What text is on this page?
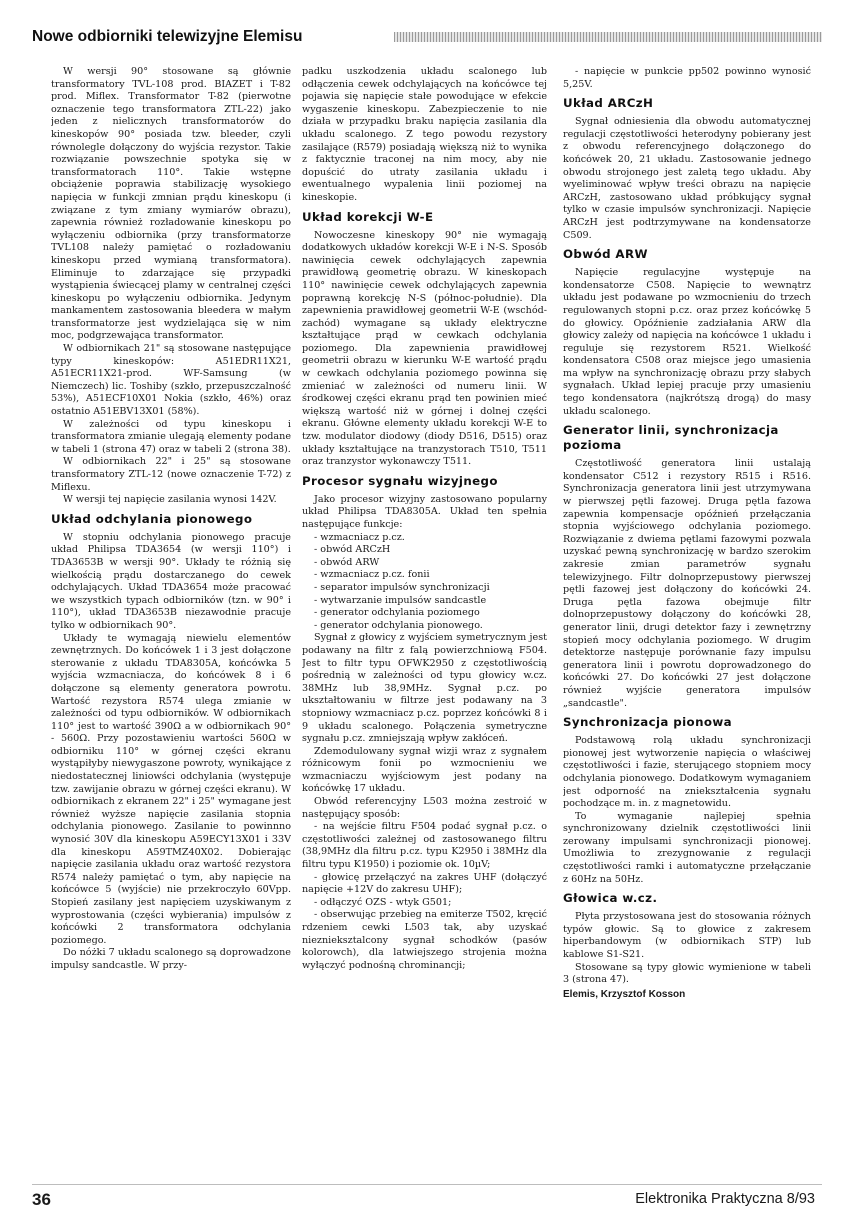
Nowe odbiorniki telewizyjne Elemisu

W wersji 90° stosowane są głównie transformatory TVL-108 prod. BIAZET i T-82 prod. Miflex. Transformator T-82 (pierwotne oznaczenie tego transformatora ZTL-22) jako jeden z nielicznych transformatorów do kineskopów 90° posiada tzw. bleeder, czyli równolegle dołączony do wyjścia rezystor. Takie rozwiązanie powszechnie spotyka się w transformatorach 110°. Takie wstępne obciążenie poprawia stabilizację wysokiego napięcia w funkcji zmnian prądu kineskopu (i związane z tym zmiany wymiarów obrazu), zapewnia również rozładowanie kineskopu po wyłączeniu odbiornika (przy transformatorze TVL108 należy pamiętać o rozładowaniu kineskopu przed wymianą transformatora). Eliminuje to zdarzające się przypadki wystąpienia świecącej plamy w centralnej części kineskopu po wyłączeniu odbiornika. Jedynym mankamentem zastosowania bleedera w małym transformatorze jest wydzielająca się w nim moc, podgrzewająca transformator.

W odbiornikach 21" są stosowane następujące typy kineskopów: A51EDR11X21, A51ECR11X21-prod. WF-Samsung (w Niemczech) lic. Toshiby (szkło, przepuszczalność 53%), A51ECF10X01 Nokia (szkło, 46%) oraz ostatnio A51EBV13X01 (58%).

W zależności od typu kineskopu i transformatora zmianie ulegają elementy podane w tabeli 1 (strona 47) oraz w tabeli 2 (strona 38).

W odbiornikach 22" i 25" są stosowane transformatory ZTL-12 (nowe oznaczenie T-72) z Miflexu.

W wersji tej napięcie zasilania wynosi 142V.

Układ odchylania pionowego

W stopniu odchylania pionowego pracuje układ Philipsa TDA3654 (w wersji 110°) i TDA3653B w wersji 90°. Układy te różnią się wielkością prądu dostarczanego do cewek odchylających. Układ TDA3654 może pracować we wszystkich typach odbiorników (tzn. w 90° i 110°), układ TDA3653B niezawodnie pracuje tylko w odbiornikach 90°.

Układy te wymagają niewielu elementów zewnętrznych. Do końcówek 1 i 3 jest dołączone sterowanie z układu TDA8305A, końcówka 5 wyjścia wzmacniacza, do końcówek 8 i 6 dołączone są elementy generatora powrotu. Wartość rezystora R574 ulega zmianie w zależności od typu odbiorników. W odbiornikach 110° jest to wartość 390Ω a w odbiornikach 90° - 560Ω. Przy pozostawieniu wartości 560Ω w odbiorniku 110° w górnej części ekranu wystąpiłyby niewygaszone powroty, wynikające z niedostatecznej liniowści odchylania (występuje tzw. zawijanie obrazu w górnej części ekranu). W odbiornikach z ekranem 22" i 25" wymagane jest również wyższe napięcie zasilania stopnia odchylania pionowego. Zasilanie to powinnno wynosić 30V dla kineskopu A59ECY13X01 i 33V dla kineskopu A59TMZ40X02. Dobierając napięcie zasilania układu oraz wartość rezystora R574 należy pamiętać o tym, aby napięcie na końcówce 5 (wyjście) nie przekroczyło 60Vpp. Stopień zasilany jest napięciem uzyskiwanym z wyprostowania (części wybierania) impulsów z końcówki 2 transformatora odchylania poziomego.

Do nóżki 7 układu scalonego są doprowadzone impulsy sandcastle. W przy-

padku uszkodzenia układu scalonego lub odłączenia cewek odchylających na końcówce tej pojawia się napięcie stałe powodujące w efekcie wygaszenie kineskopu. Zabezpieczenie to nie działa w przypadku braku napięcia zasilania dla układu scalonego. Z tego powodu rezystory zasilające (R579) posiadają większą niż to wynika z faktycznie traconej na nim mocy, aby nie dopuścić do utraty zasilania układu i ewentualnego wypalenia linii poziomej na kineskopie.

Układ korekcji W-E

Nowoczesne kineskopy 90° nie wymagają dodatkowych układów korekcji W-E i N-S. Sposób nawinięcia cewek odchylających zapewnia prawidłową geometrię obrazu. W kineskopach 110° nawinięcie cewek odchylających zapewnia poprawną korekcję N-S (północ-południe). Dla zapewnienia prawidłowej geometrii W-E (wschód-zachód) wymagane są układy elektryczne kształtujące prąd w cewkach odchylania poziomego. Dla zapewnienia prawidłowej geometrii obrazu w kierunku W-E wartość prądu w cewkach odchylania poziomego powinna się zmieniać w zależności od numeru linii. W środkowej części ekranu prąd ten powinien mieć większą wartość niż w górnej i dolnej części ekranu. Główne elementy układu korekcji W-E to tzw. modulator diodowy (diody D516, D515) oraz układy kształtujące na tranzystorach T510, T511 oraz tranzystor wykonawczy T511.

Procesor sygnału wizyjnego

Jako procesor wizyjny zastosowano popularny układ Philipsa TDA8305A. Układ ten spełnia następujące funkcje:

- wzmacniacz p.cz.
- obwód ARCzH
- obwód ARW
- wzmacniacz p.cz. fonii
- separator impulsów synchronizacji
- wytwarzanie impulsów sandcastle
- generator odchylania poziomego
- generator odchylania pionowego.

Sygnał z głowicy z wyjściem symetrycznym jest podawany na filtr z falą powierzchniową F504. Jest to filtr typu OFWK2950 z częstotliwością pośrednią w zależności od typu głowicy w.cz. 38MHz lub 38,9MHz. Sygnał p.cz. po ukształtowaniu w filtrze jest podawany na 3 stopniowy wzmacniacz p.cz. poprzez końcówki 8 i 9 układu scalonego. Połączenia symetryczne sygnału p.cz. zmniejszają wpływ zakłóceń.

Zdemodulowany sygnał wizji wraz z sygnałem różnicowym fonii po wzmocnieniu we wzmacniaczu wyjściowym jest podany na końcówkę 17 układu.

Obwód referencyjny L503 można zestroić w następujący sposób:

- na wejście filtru F504 podać sygnał p.cz. o częstotliwości zależnej od zastosowanego filtru (38,9MHz dla filtru p.cz. typu K2950 i 38MHz dla filtru typu K1950) i poziomie ok. 10µV;

- głowicę przełączyć na zakres UHF (dołączyć napięcie +12V do zakresu UHF);

- odłączyć OZS - wtyk G501;

- obserwując przebieg na emiterze T502, kręcić rdzeniem cewki L503 tak, aby uzyskać nieznieksztalcony sygnał schodków (pasów kolorowch), dla latwiejszego strojenia można wyłączyć podnośną chrominancji;

- napięcie w punkcie pp502 powinno wynosić 5,25V.

Układ ARCzH

Sygnał odniesienia dla obwodu automatycznej regulacji częstotliwości heterodyny pobierany jest z obwodu referencyjnego dołączonego do końcówek 20, 21 układu. Zastosowanie jednego obwodu strojonego jest zaletą tego układu. Aby wyeliminować wpływ treści obrazu na napięcie ARCzH, zastosowano układ próbkujący sygnał tylko w czasie impulsów synchronizacji. Napięcie ARCzH jest podtrzymywane na kondensatorze C509.

Obwód ARW

Napięcie regulacyjne występuje na kondensatorze C508. Napięcie to wewnątrz układu jest podawane po wzmocnieniu do trzech regulowanych stopni p.cz. oraz przez końcówkę 5 do głowicy. Opóźnienie zadziałania ARW dla głowicy zależy od napięcia na końcówce 1 układu i reguluje się rezystorem R521. Wielkość kondensatora C508 oraz miejsce jego umasienia ma wpływ na synchronizację obrazu przy słabych sygnałach. Układ lepiej pracuje przy umasieniu tego kondensatora (najkrótszą drogą) do masy układu scalonego.

Generator linii, synchronizacja pozioma

Częstotliwość generatora linii ustalają kondensator C512 i rezystory R515 i R516. Synchronizacja generatora linii jest utrzymywana w pierwszej pętli fazowej. Druga pętla fazowa zapewnia kompensacje opóźnień przełączania stopnia wyjściowego odchylania poziomego. Rozwiązanie z dwiema pętlami fazowymi pozwala uzyskać pewną synchronizację w bardzo szerokim zakresie zmian parametrów sygnału telewizyjnego. Filtr dolnoprzepustowy pierwszej pętli fazowej jest dołączony do końcówki 24. Druga pętla fazowa obejmuje filtr dolnoprzepustowy dołączony do końcówki 28, generator linii, drugi detektor fazy i zewnętrzny stopień mocy odchylania poziomego. W drugim detektorze następuje porównanie fazy impulsu generatora linii i powrotu doprowadzonego do końcówki 27. Do końcówki 27 jest dołączone również wyjście generatora impulsów „sandcastle".

Synchronizacja pionowa

Podstawową rolą układu synchronizacji pionowej jest wytworzenie napięcia o właściwej częstotliwości i fazie, sterującego stopniem mocy odchylania pionowego. Dodatkowym wymaganiem jest odporność na zniekształcenia sygnału pochodzące m. in. z magnetowidu.

To wymaganie najlepiej spełnia synchronizowany dzielnik częstotliwości linii zerowany impulsami synchronizacji pionowej. Umożliwia to zrezygnowanie z regulacji częstotliwości ramki i automatyczne przełączanie z 60Hz na 50Hz.

Głowica w.cz.

Płyta przystosowana jest do stosowania różnych typów głowic. Są to głowice z zakresem hiperbandowym (w odbiornikach STP) lub kablowe S1-S21.

Stosowane są typy głowic wymienione w tabeli 3 (strona 47).

Elemis, Krzysztof Kosson
36	Elektronika Praktyczna 8/93
